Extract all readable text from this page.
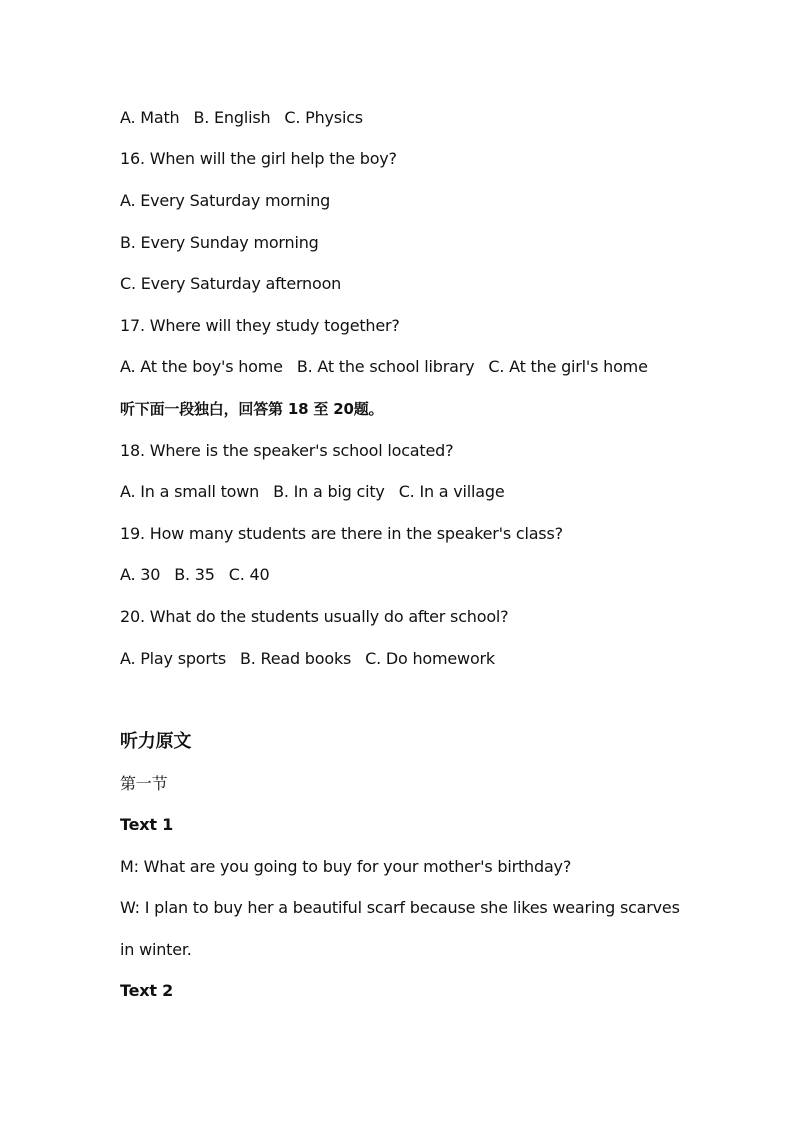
A. Math B. English C. Physics
16. When will the girl help the boy?
A. Every Saturday morning
B. Every Sunday morning
C. Every Saturday afternoon
17. Where will they study together?
A. At the boy's home B. At the school library C. At the girl's home
听下面一段独白，回答第 18 至 20题。
18. Where is the speaker's school located?
A. In a small town B. In a big city C. In a village
19. How many students are there in the speaker's class?
A. 30 B. 35 C. 40
20. What do the students usually do after school?
A. Play sports B. Read books C. Do homework
听力原文
第一节
Text 1
M: What are you going to buy for your mother's birthday?
W: I plan to buy her a beautiful scarf because she likes wearing scarves
in winter.
Text 2
